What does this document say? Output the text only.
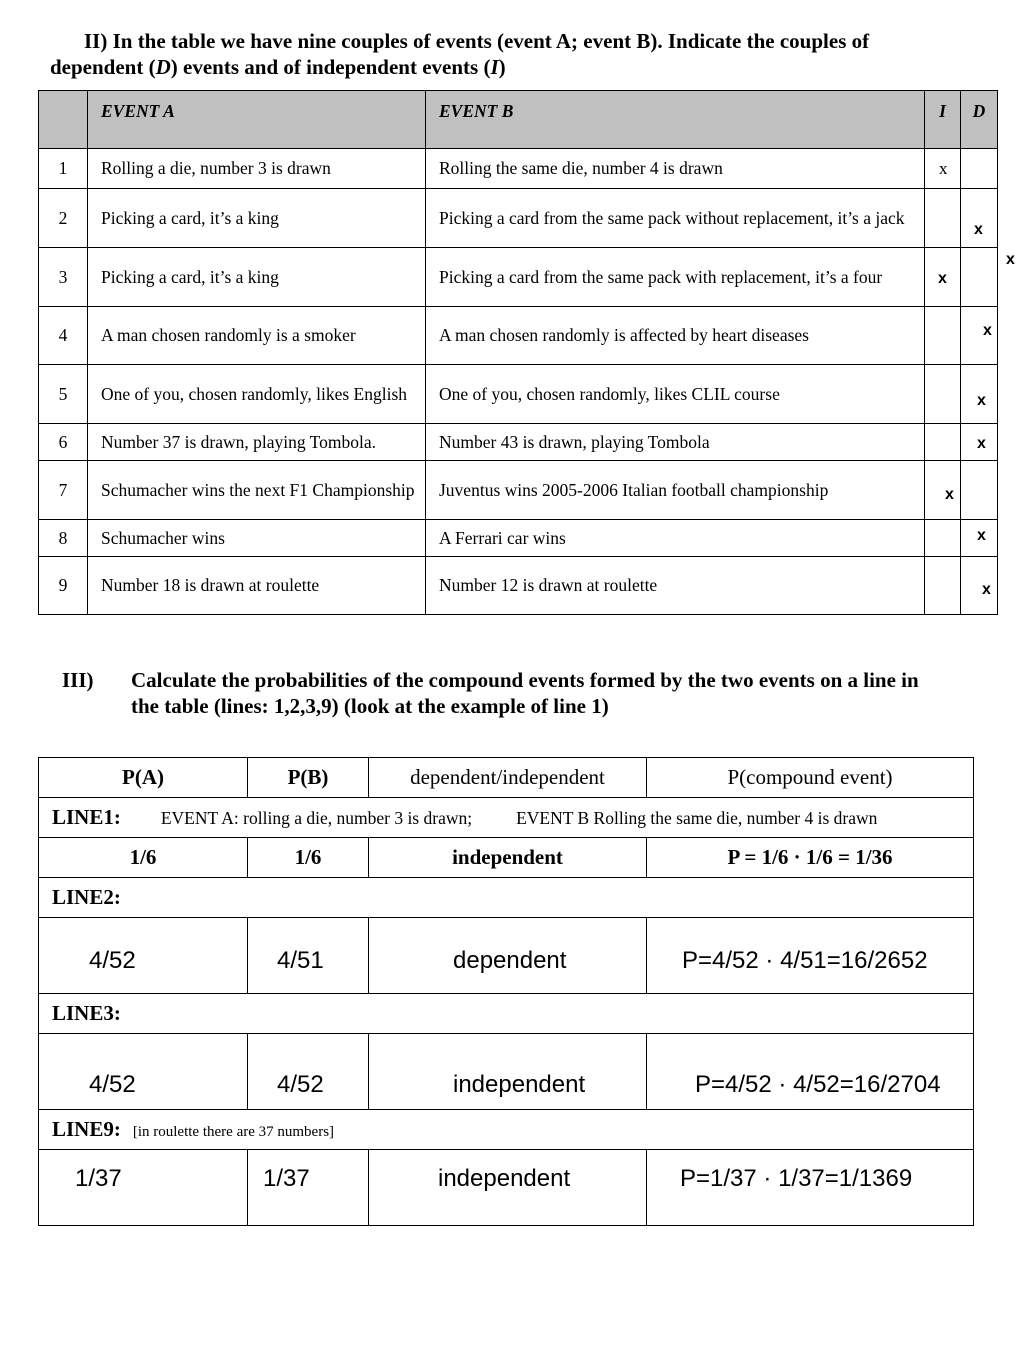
II) In the table we have nine couples of events (event A; event B). Indicate the couples of
dependent (D) events and of independent events (I)
	EVENT A	EVENT B	I	D
1	Rolling a die, number 3 is drawn	Rolling the same die, number 4 is drawn	x	

2	Picking a card, it’s a king	Picking a card from the same pack without replacement, it’s a jack		x

3	Picking a card, it’s a king	Picking a card from the same pack with replacement, it’s a four	x	

4	A man chosen randomly is a smoker	A man chosen randomly is affected by heart diseases		x

5	One of you, chosen randomly, likes English	One of you, chosen randomly, likes CLIL course		x

6	Number 37 is drawn, playing Tombola.	Number 43 is drawn, playing Tombola		x

7	Schumacher wins the next F1 Championship	Juventus wins 2005-2006 Italian football championship	x	

8	Schumacher wins	A Ferrari car wins		x

9	Number 18 is drawn at roulette	Number 12 is drawn at roulette		x
x
III) Calculate the probabilities of the compound events formed by the two events on a line in the table (lines: 1,2,3,9) (look at the example of line 1)
P(A)	P(B)	dependent/independent	P(compound event)
LINE1: EVENT A: rolling a die, number 3 is drawn; EVENT B Rolling the same die, number 4 is drawn			
1/6	1/6	independent	P = 1/6 · 1/6 = 1/36
LINE2:			

4/52	4/51	dependent	P=4/52 · 4/51=16/2652

LINE3:			

4/52	4/52	independent	P=4/52 · 4/52=16/2704

LINE9: [in roulette there are 37 numbers]			

1/37	1/37	independent	P=1/37 · 1/37=1/1369
